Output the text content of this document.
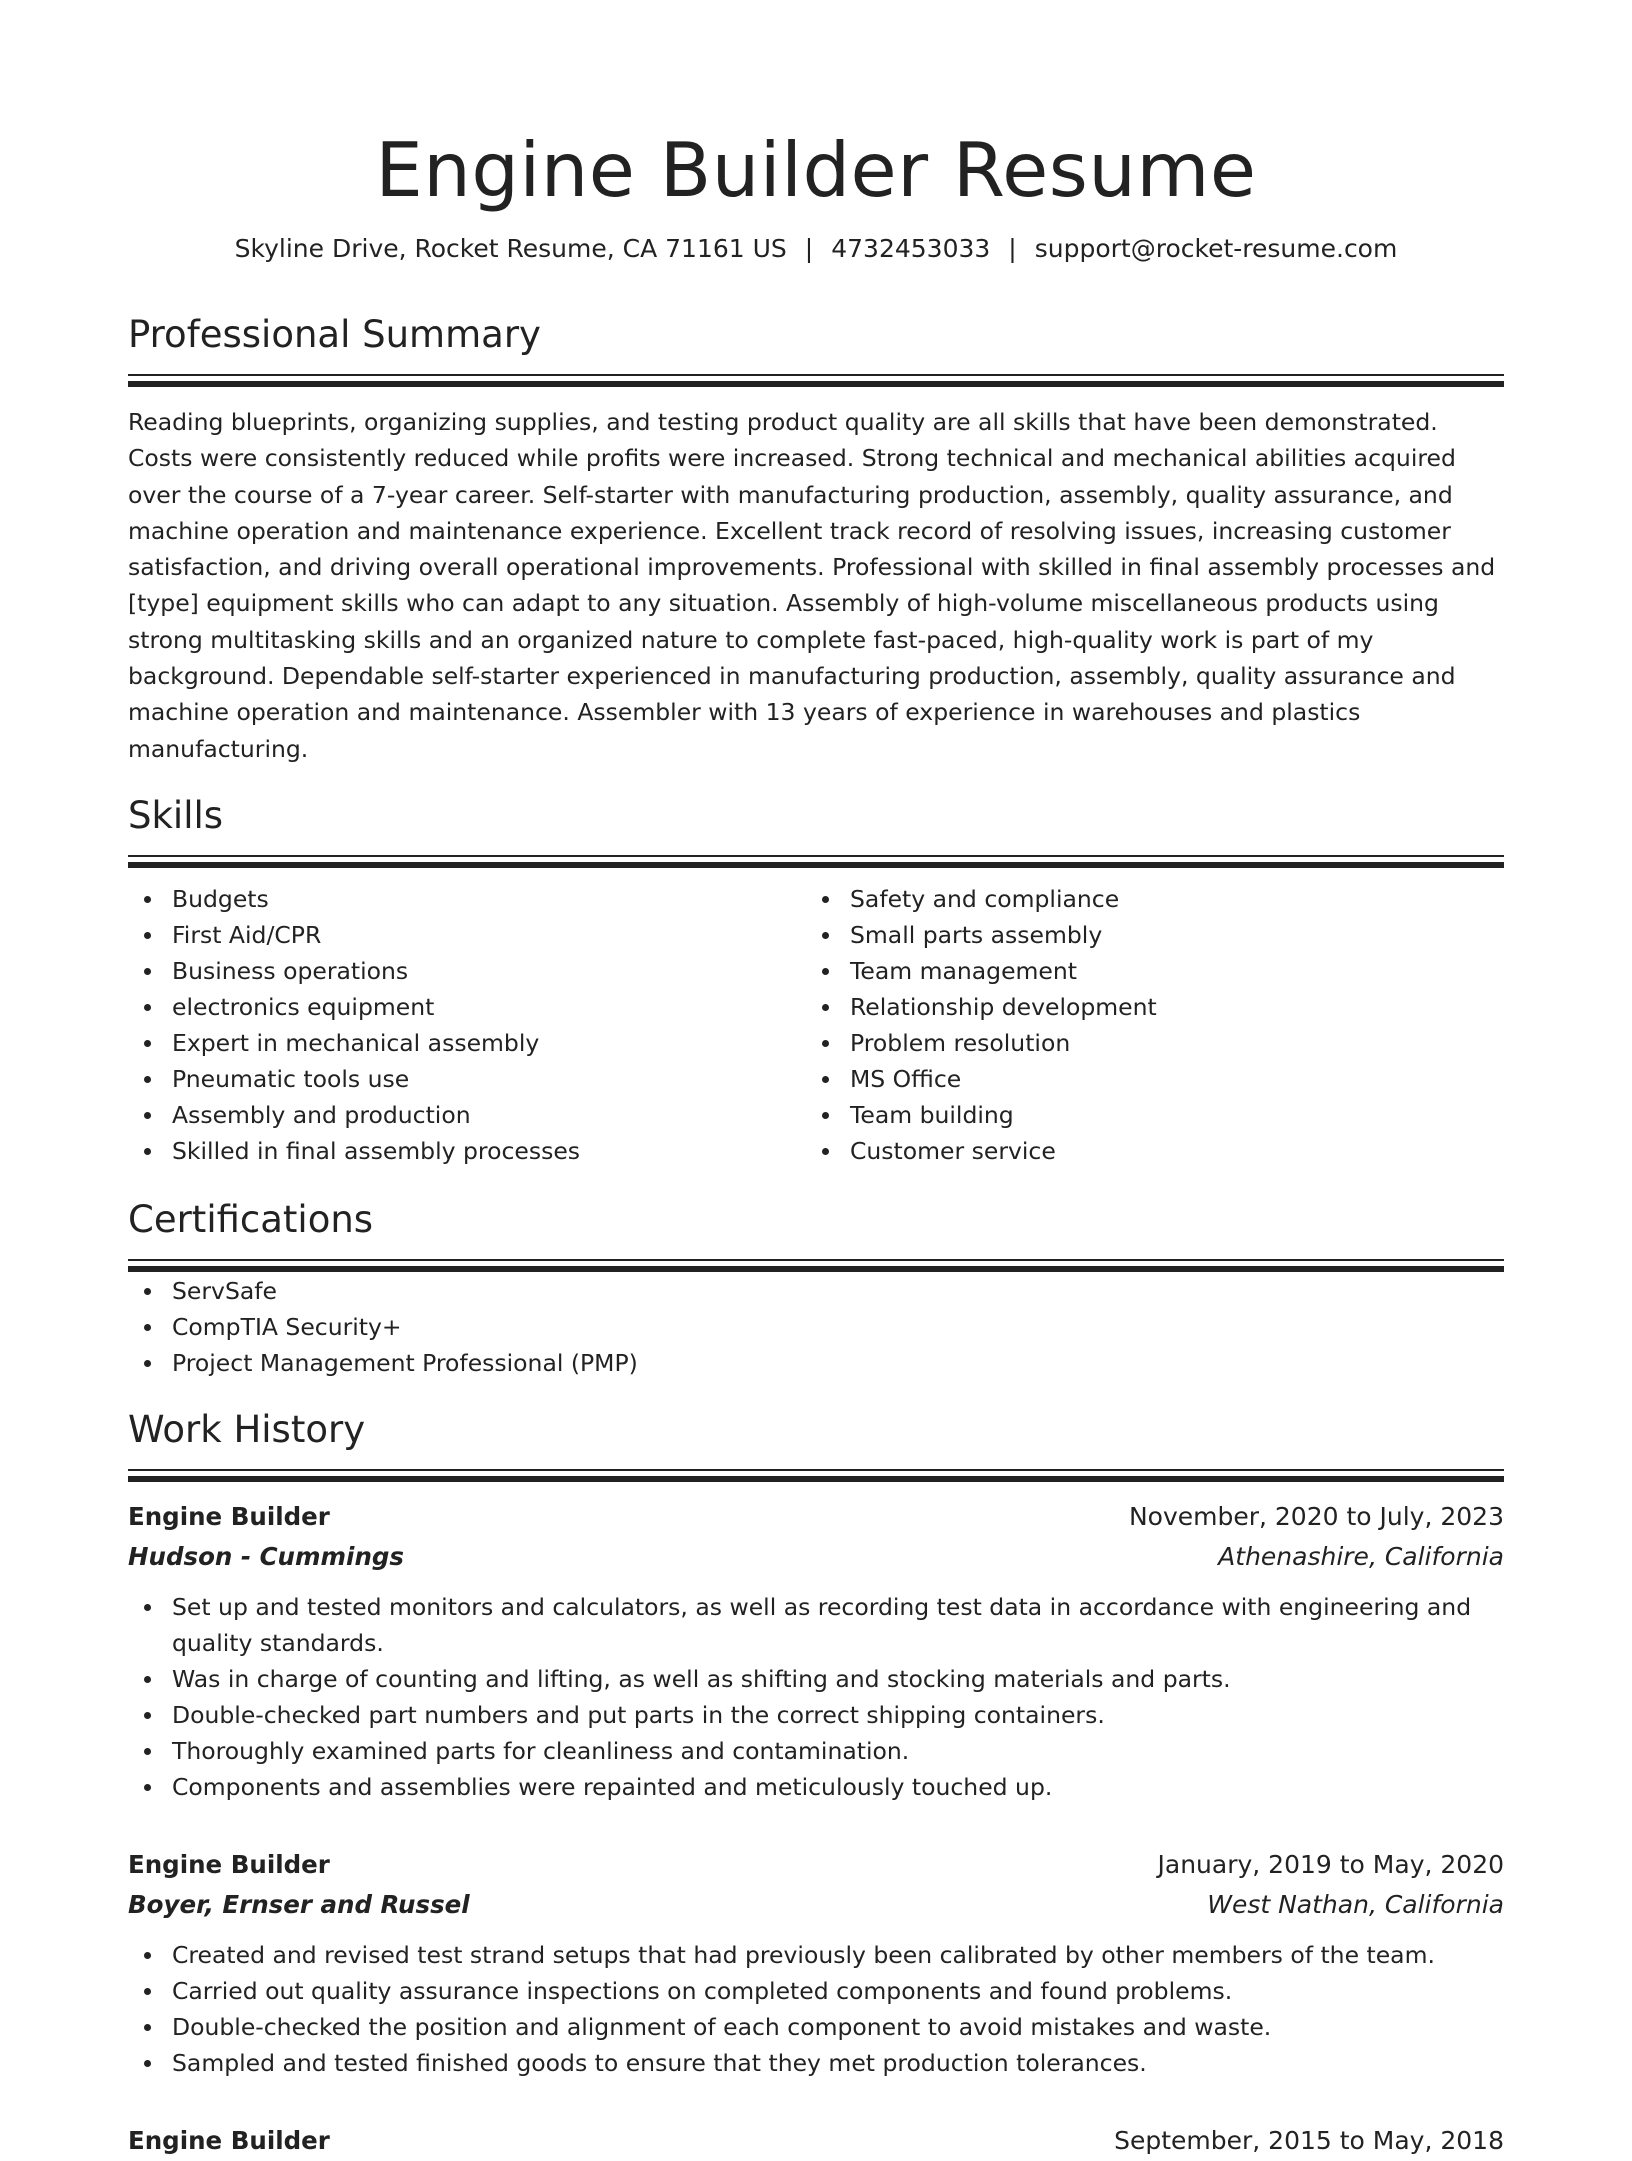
Engine Builder Resume
Skyline Drive, Rocket Resume, CA 71161 US | 4732453033 | support@rocket-resume.com
Professional Summary

Reading blueprints, organizing supplies, and testing product quality are all skills that have been demonstrated. Costs were consistently reduced while profits were increased. Strong technical and mechanical abilities acquired over the course of a 7-year career. Self-starter with manufacturing production, assembly, quality assurance, and machine operation and maintenance experience. Excellent track record of resolving issues, increasing customer satisfaction, and driving overall operational improvements. Professional with skilled in final assembly processes and [type] equipment skills who can adapt to any situation. Assembly of high-volume miscellaneous products using strong multitasking skills and an organized nature to complete fast-paced, high-quality work is part of my background. Dependable self-starter experienced in manufacturing production, assembly, quality assurance and machine operation and maintenance. Assembler with 13 years of experience in warehouses and plastics manufacturing.

Skills
Budgets
First Aid/CPR
Business operations
electronics equipment
Expert in mechanical assembly
Pneumatic tools use
Assembly and production
Skilled in final assembly processes
Safety and compliance
Small parts assembly
Team management
Relationship development
Problem resolution
MS Office
Team building
Customer service
Certifications
ServSafe
CompTIA Security+
Project Management Professional (PMP)
Work History
Engine Builder	November, 2020 to July, 2023
Hudson - Cummings	Athenashire, California
Set up and tested monitors and calculators, as well as recording test data in accordance with engineering and quality standards.
Was in charge of counting and lifting, as well as shifting and stocking materials and parts.
Double-checked part numbers and put parts in the correct shipping containers.
Thoroughly examined parts for cleanliness and contamination.
Components and assemblies were repainted and meticulously touched up.
Engine Builder	January, 2019 to May, 2020
Boyer, Ernser and Russel	West Nathan, California
Created and revised test strand setups that had previously been calibrated by other members of the team.
Carried out quality assurance inspections on completed components and found problems.
Double-checked the position and alignment of each component to avoid mistakes and waste.
Sampled and tested finished goods to ensure that they met production tolerances.
Engine Builder	September, 2015 to May, 2018
